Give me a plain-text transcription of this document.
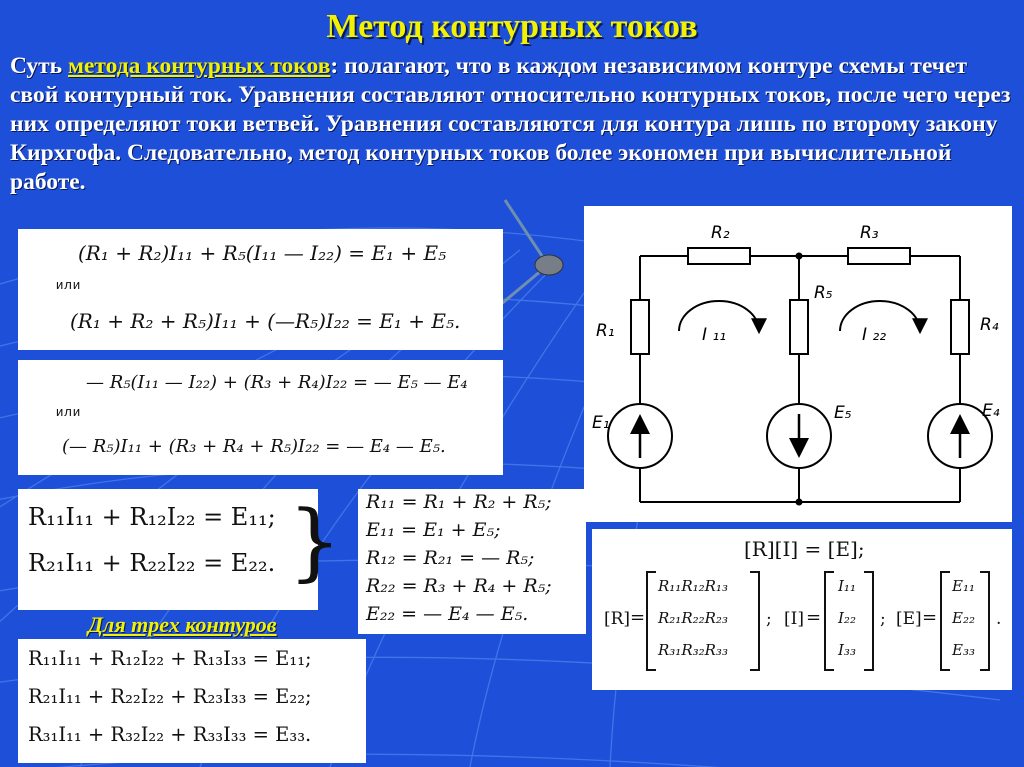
Метод контурных токов
Суть метода контурных токов: полагают, что в каждом независимом контуре схемы течет свой контурный ток. Уравнения составляют относительно контурных токов, после чего через них определяют токи ветвей. Уравнения составляются для контура лишь по второму закону Кирхгофа. Следовательно, метод контурных токов более экономен при вычислительной работе.
(R₁ + R₂)I₁₁ + R₅(I₁₁ — I₂₂) = E₁ + E₅
или
(R₁ + R₂ + R₅)I₁₁ + (—R₅)I₂₂ = E₁ + E₅.
— R₅(I₁₁ — I₂₂) + (R₃ + R₄)I₂₂ = — E₅ — E₄
или
(— R₅)I₁₁ + (R₃ + R₄ + R₅)I₂₂ = — E₄ — E₅.
R₁₁I₁₁ + R₁₂I₂₂ = E₁₁;
R₂₁I₁₁ + R₂₂I₂₂ = E₂₂. } R₁₁ = R₁ + R₂ + R₅;
E₁₁ = E₁ + E₅;
R₁₂ = R₂₁ = — R₅;
R₂₂ = R₃ + R₄ + R₅;
E₂₂ = — E₄ — E₅.
Для трех контуров
R₁₁I₁₁ + R₁₂I₂₂ + R₁₃I₃₃ = E₁₁;
R₂₁I₁₁ + R₂₂I₂₂ + R₂₃I₃₃ = E₂₂;
R₃₁I₁₁ + R₃₂I₂₂ + R₃₃I₃₃ = E₃₃.
[R][I] = [E];
[R] =
R₁₁R₁₂R₁₃
R₂₁R₂₂R₂₃
R₃₁R₃₂R₃₃
; [I] =
I₁₁
I₂₂
I₃₃
; [E] =
E₁₁
E₂₂
E₃₃
.
R₂	R₃
R₁
R₅
R₄
E₁	E₅	E₄
I ₁₁	I ₂₂
